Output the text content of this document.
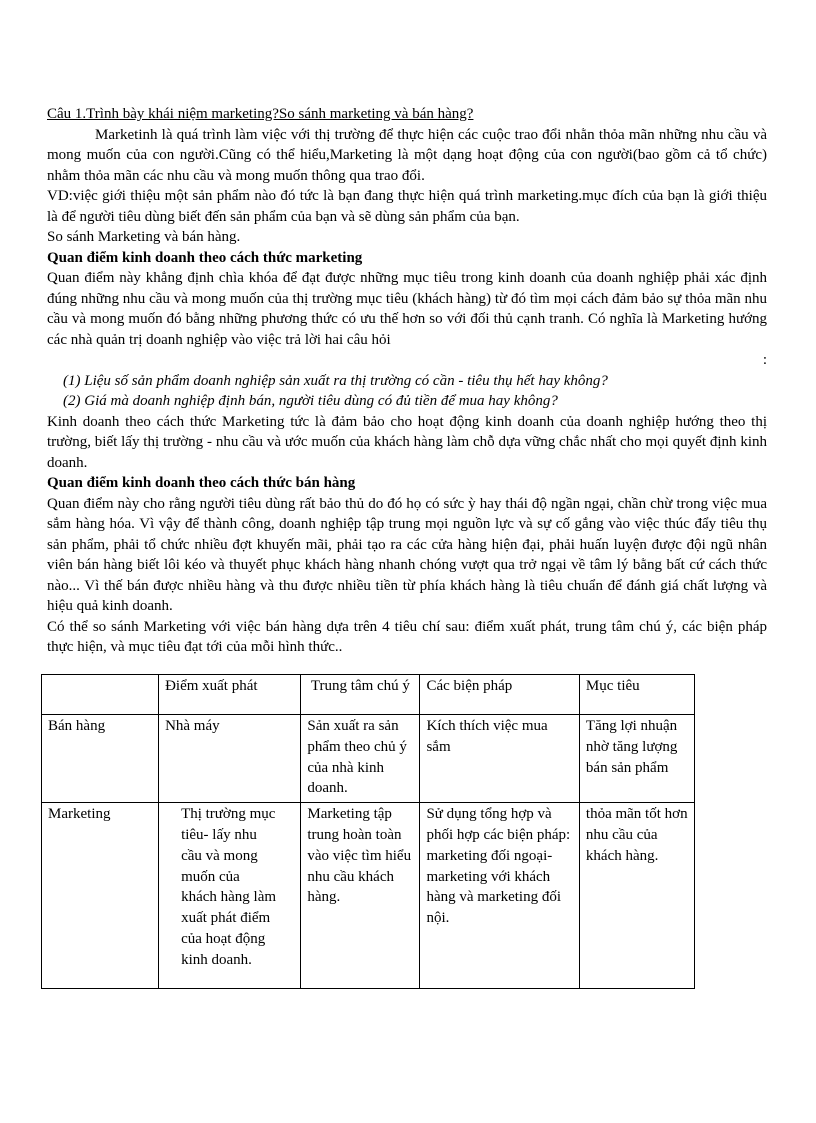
Câu 1.Trình bày khái niệm marketing?So sánh marketing và bán hàng?

Marketinh là quá trình làm việc với thị trường để thực hiện các cuộc trao đổi nhằn thỏa mãn những nhu cầu và mong muốn của con người.Cũng có thể hiểu,Marketing là một dạng hoạt động của con người(bao gồm cả tổ chức) nhằm thỏa mãn các nhu cầu và mong muốn thông qua trao đổi.

VD:việc giới thiệu một sản phẩm nào đó tức là bạn đang thực hiện quá trình marketing.mục đích của bạn là giới thiệu là để người tiêu dùng biết đến sản phẩm của bạn và sẽ dùng sản phẩm của bạn.

So sánh Marketing và bán hàng.

Quan điểm kinh doanh theo cách thức marketing

Quan điểm này khẳng định chìa khóa để đạt được những mục tiêu trong kinh doanh của doanh nghiệp phải xác định đúng những nhu cầu và mong muốn của thị trường mục tiêu (khách hàng) từ đó tìm mọi cách đảm bảo sự thỏa mãn nhu cầu và mong muốn đó bằng những phương thức có ưu thế hơn so với đối thủ cạnh tranh. Có nghĩa là Marketing hướng các nhà quản trị doanh nghiệp vào việc trả lời hai câu hỏi

:

(1) Liệu số sản phẩm doanh nghiệp sản xuất ra thị trường có cần - tiêu thụ hết hay không?

(2) Giá mà doanh nghiệp định bán, người tiêu dùng có đủ tiền để mua hay không?

Kinh doanh theo cách thức Marketing tức là đảm bảo cho hoạt động kinh doanh của doanh nghiệp hướng theo thị trường, biết lấy thị trường - nhu cầu và ước muốn của khách hàng làm chỗ dựa vững chắc nhất cho mọi quyết định kinh doanh.

Quan điểm kinh doanh theo cách thức bán hàng

Quan điểm này cho rằng người tiêu dùng rất bảo thủ do đó họ có sức ỳ hay thái độ ngần ngại, chần chừ trong việc mua sắm hàng hóa. Vì vậy để thành công, doanh nghiệp tập trung mọi nguồn lực và sự cố gắng vào việc thúc đẩy tiêu thụ sản phẩm, phải tổ chức nhiều đợt khuyến mãi, phải tạo ra các cửa hàng hiện đại, phải huấn luyện được đội ngũ nhân viên bán hàng biết lôi kéo và thuyết phục khách hàng nhanh chóng vượt qua trở ngại về tâm lý bằng bất cứ cách thức nào... Vì thế bán được nhiều hàng và thu được nhiều tiền từ phía khách hàng là tiêu chuẩn để đánh giá chất lượng và hiệu quả kinh doanh.

Có thể so sánh Marketing với việc bán hàng dựa trên 4 tiêu chí sau: điểm xuất phát, trung tâm chú ý, các biện pháp thực hiện, và mục tiêu đạt tới của mỗi hình thức..

	Điểm xuất phát	Trung tâm chú ý	Các biện pháp	Mục tiêu
Bán hàng	Nhà máy	Sản xuất ra sản phẩm theo chủ ý của nhà kinh doanh.	Kích thích việc mua sắm	Tăng lợi nhuận nhờ tăng lượng bán sản phẩm
Marketing	Thị trường mục tiêu- lấy nhu cầu và mong muốn của khách hàng làm xuất phát điểm của hoạt động kinh doanh.	Marketing tập trung hoàn toàn vào việc tìm hiểu nhu cầu khách hàng.	Sử dụng tổng hợp và phối hợp các biện pháp: marketing đối ngoại-marketing với khách hàng và marketing đối nội.	thỏa mãn tốt hơn nhu cầu của khách hàng.
